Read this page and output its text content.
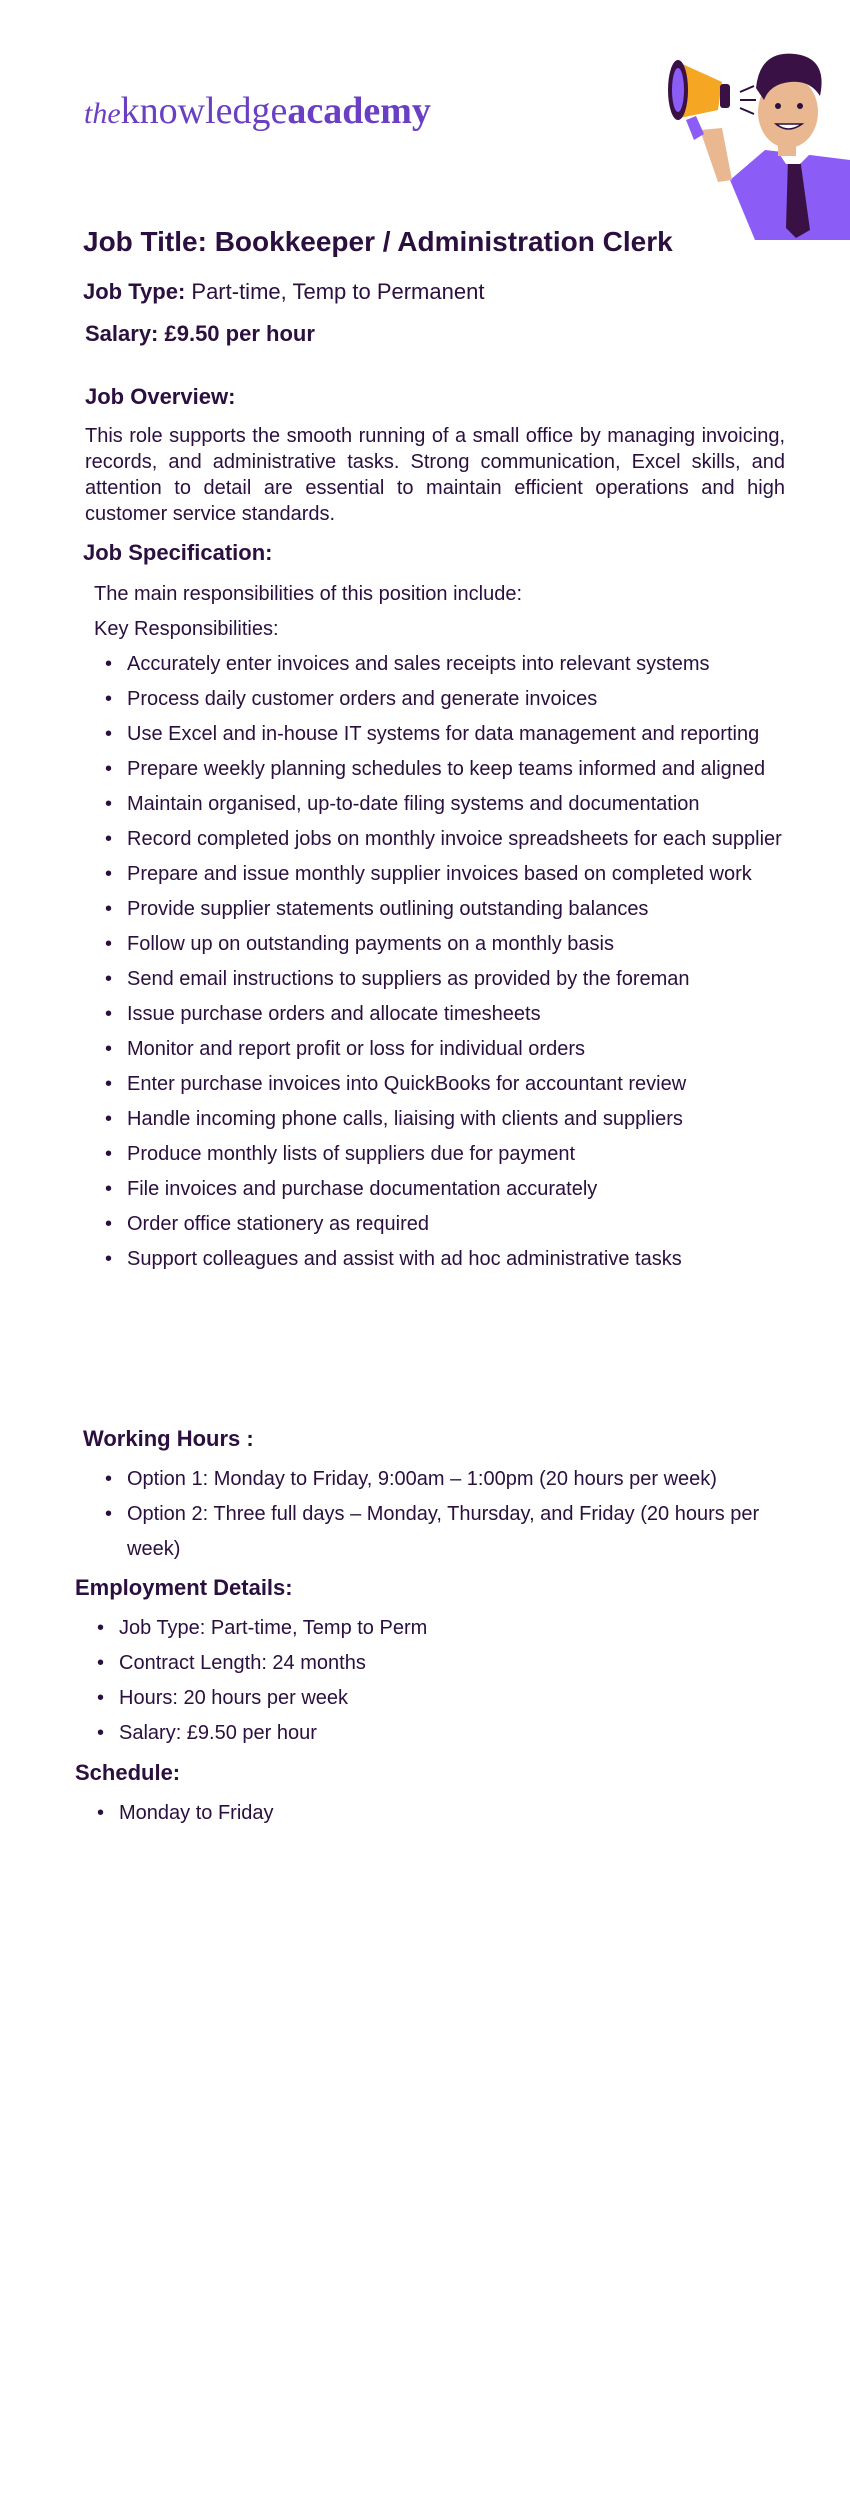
theknowledgeacademy
Job Title: Bookkeeper / Administration Clerk
Job Type: Part-time, Temp to Permanent
Salary: £9.50 per hour
Job Overview:
This role supports the smooth running of a small office by managing invoicing, records, and administrative tasks. Strong communication, Excel skills, and attention to detail are essential to maintain efficient operations and high customer service standards.
Job Specification:
The main responsibilities of this position include:
Key Responsibilities:
• Accurately enter invoices and sales receipts into relevant systems
• Process daily customer orders and generate invoices
• Use Excel and in-house IT systems for data management and reporting
• Prepare weekly planning schedules to keep teams informed and aligned
• Maintain organised, up-to-date filing systems and documentation
• Record completed jobs on monthly invoice spreadsheets for each supplier
• Prepare and issue monthly supplier invoices based on completed work
• Provide supplier statements outlining outstanding balances
• Follow up on outstanding payments on a monthly basis
• Send email instructions to suppliers as provided by the foreman
• Issue purchase orders and allocate timesheets
• Monitor and report profit or loss for individual orders
• Enter purchase invoices into QuickBooks for accountant review
• Handle incoming phone calls, liaising with clients and suppliers
• Produce monthly lists of suppliers due for payment
• File invoices and purchase documentation accurately
• Order office stationery as required
• Support colleagues and assist with ad hoc administrative tasks
Working Hours :
• Option 1: Monday to Friday, 9:00am – 1:00pm (20 hours per week)
• Option 2: Three full days – Monday, Thursday, and Friday (20 hours per week)
Employment Details:
• Job Type: Part-time, Temp to Perm
• Contract Length: 24 months
• Hours: 20 hours per week
• Salary: £9.50 per hour
Schedule:
• Monday to Friday
